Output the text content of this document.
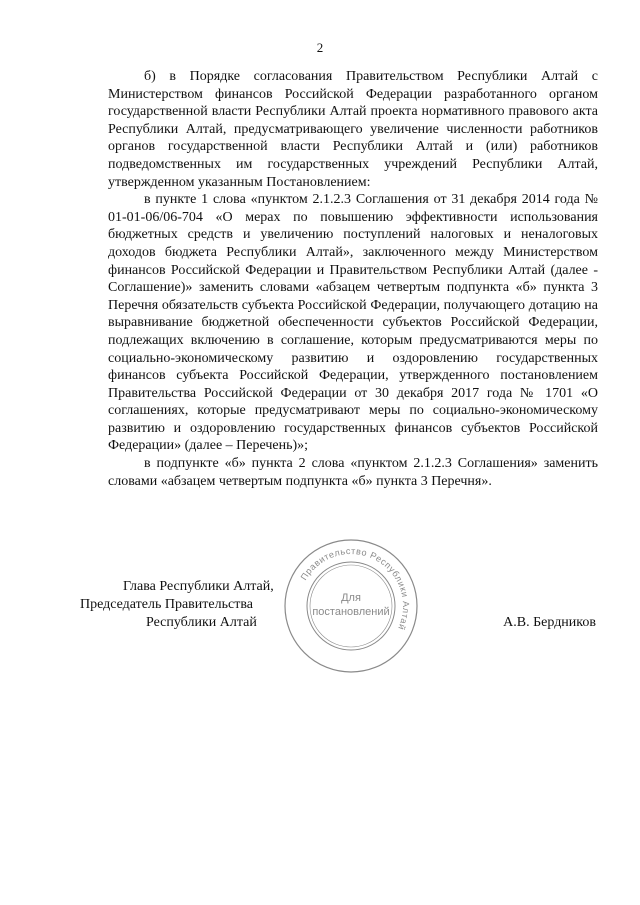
2

б) в Порядке согласования Правительством Республики Алтай с Министерством финансов Российской Федерации разработанного органом государственной власти Республики Алтай проекта нормативного правового акта Республики Алтай, предусматривающего увеличение численности работников органов государственной власти Республики Алтай и (или) работников подведомственных им государственных учреждений Республики Алтай, утвержденном указанным Постановлением:

в пункте 1 слова «пунктом 2.1.2.3 Соглашения от 31 декабря 2014 года № 01-01-06/06-704 «О мерах по повышению эффективности использования бюджетных средств и увеличению поступлений налоговых и неналоговых доходов бюджета Республики Алтай», заключенного между Министерством финансов Российской Федерации и Правительством Республики Алтай (далее - Соглашение)» заменить словами «абзацем четвертым подпункта «б» пункта 3 Перечня обязательств субъекта Российской Федерации, получающего дотацию на выравнивание бюджетной обеспеченности субъектов Российской Федерации, подлежащих включению в соглашение, которым предусматриваются меры по социально-экономическому развитию и оздоровлению государственных финансов субъекта Российской Федерации, утвержденного постановлением Правительства Российской Федерации от 30 декабря 2017 года № 1701 «О соглашениях, которые предусматривают меры по социально-экономическому развитию и оздоровлению государственных финансов субъектов Российской Федерации» (далее – Перечень)»;

в подпункте «б» пункта 2 слова «пунктом 2.1.2.3 Соглашения» заменить словами «абзацем четвертым подпункта «б» пункта 3 Перечня».

Глава Республики Алтай,
Председатель Правительства
Республики Алтай	А.В. Бердников
Правительство Республики Алтай
Для
постановлений
